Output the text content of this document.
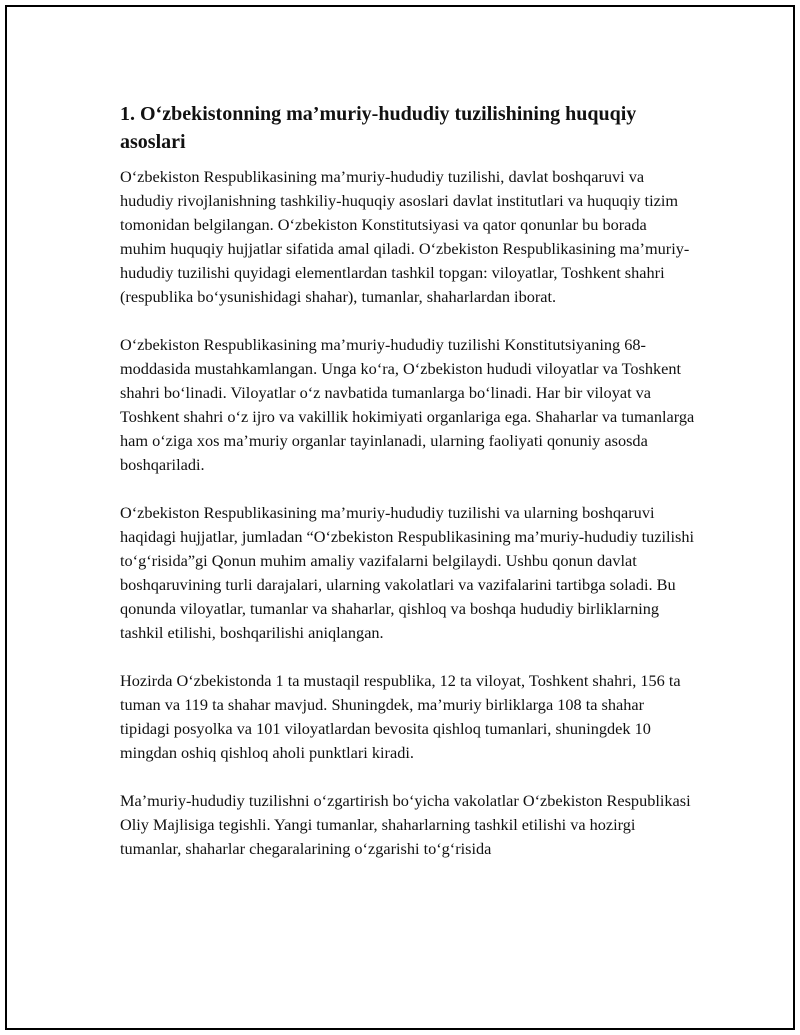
1. O‘zbekistonning ma’muriy-hududiy tuzilishining huquqiy asoslari

O‘zbekiston Respublikasining ma’muriy-hududiy tuzilishi, davlat boshqaruvi va hududiy rivojlanishning tashkiliy-huquqiy asoslari davlat institutlari va huquqiy tizim tomonidan belgilangan. O‘zbekiston Konstitutsiyasi va qator qonunlar bu borada muhim huquqiy hujjatlar sifatida amal qiladi. O‘zbekiston Respublikasining ma’muriy-hududiy tuzilishi quyidagi elementlardan tashkil topgan: viloyatlar, Toshkent shahri (respublika bo‘ysunishidagi shahar), tumanlar, shaharlardan iborat.

O‘zbekiston Respublikasining ma’muriy-hududiy tuzilishi Konstitutsiyaning 68-moddasida mustahkamlangan. Unga ko‘ra, O‘zbekiston hududi viloyatlar va Toshkent shahri bo‘linadi. Viloyatlar o‘z navbatida tumanlarga bo‘linadi. Har bir viloyat va Toshkent shahri o‘z ijro va vakillik hokimiyati organlariga ega. Shaharlar va tumanlarga ham o‘ziga xos ma’muriy organlar tayinlanadi, ularning faoliyati qonuniy asosda boshqariladi.

O‘zbekiston Respublikasining ma’muriy-hududiy tuzilishi va ularning boshqaruvi haqidagi hujjatlar, jumladan “O‘zbekiston Respublikasining ma’muriy-hududiy tuzilishi to‘g‘risida”gi Qonun muhim amaliy vazifalarni belgilaydi. Ushbu qonun davlat boshqaruvining turli darajalari, ularning vakolatlari va vazifalarini tartibga soladi. Bu qonunda viloyatlar, tumanlar va shaharlar, qishloq va boshqa hududiy birliklarning tashkil etilishi, boshqarilishi aniqlangan.

Hozirda O‘zbekistonda 1 ta mustaqil respublika, 12 ta viloyat, Toshkent shahri, 156 ta tuman va 119 ta shahar mavjud. Shuningdek, ma’muriy birliklarga 108 ta shahar tipidagi posyolka va 101 viloyatlardan bevosita qishloq tumanlari, shuningdek 10 mingdan oshiq qishloq aholi punktlari kiradi.

Ma’muriy-hududiy tuzilishni o‘zgartirish bo‘yicha vakolatlar O‘zbekiston Respublikasi Oliy Majlisiga tegishli. Yangi tumanlar, shaharlarning tashkil etilishi va hozirgi tumanlar, shaharlar chegaralarining o‘zgarishi to‘g‘risida
